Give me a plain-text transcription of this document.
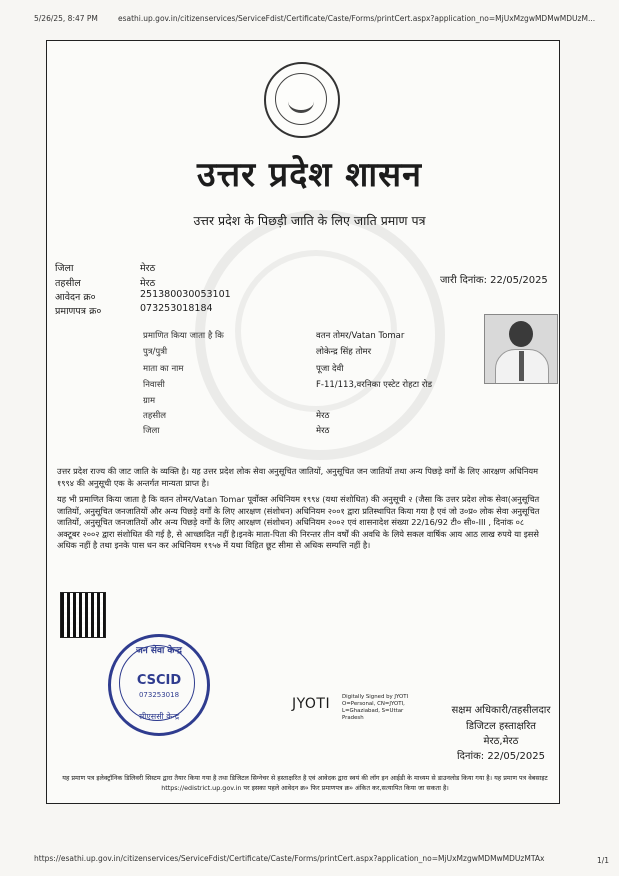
5/26/25, 8:47 PM	esathi.up.gov.in/citizenservices/ServiceFdist/Certificate/Caste/Forms/printCert.aspx?application_no=MjUxMzgwMDMwMDUzM...
उत्तर प्रदेश शासन
उत्तर प्रदेश के पिछड़ी जाति के लिए जाति प्रमाण पत्र
जिला	मेरठ
तहसील	मेरठ
आवेदन क्र०	251380030053101
प्रमाणपत्र क्र०	073253018184
जारी दिनांक: 22/05/2025
प्रमाणित किया जाता है कि	वतन तोमर/Vatan Tomar
पुत्र/पुत्री	लोकेन्द्र सिंह तोमर
माता का नाम	पूजा देवी
निवासी	F-11/113,वरनिका एस्टेट रोहटा रोड
ग्राम
तहसील	मेरठ
जिला	मेरठ
उत्तर प्रदेश राज्य की जाट जाति के व्यक्ति है। यह उत्तर प्रदेश लोक सेवा अनुसूचित जातियों, अनुसूचित जन जातियों तथा अन्य पिछड़े वर्गों के लिए आरक्षण अधिनियम १९९४ की अनुसूची एक के अन्तर्गत मान्यता प्राप्त है।
यह भी प्रमाणित किया जाता है कि वतन तोमर/Vatan Tomar पूर्वोक्त अधिनियम १९९४ (यथा संशोधित) की अनुसूची २ (जैसा कि उत्तर प्रदेश लोक सेवा(अनुसूचित जातियों, अनुसूचित जनजातियों और अन्य पिछड़े वर्गों के लिए आरक्षण (संशोधन) अधिनियम २००१ द्वारा प्रतिस्थापित किया गया है एवं जो उ०प्र० लोक सेवा अनुसूचित जातियों, अनुसूचित जनजातियों और अन्य पिछड़े वर्गों के लिए आरक्षण (संशोधन) अधिनियम २००२ एवं शासनादेश संख्या 22/16/92 टी० सी०-III , दिनांक ०८ अक्टूबर २००२ द्वारा संशोधित की गई है, से आच्छादित नहीं है।इनके माता-पिता की निरन्तर तीन वर्षों की अवधि के लिये सकल वार्षिक आय आठ लाख रुपये या इससे अधिक नहीं है तथा इनके पास धन कर अधिनियम १९५७ में यथा विहित छूट सीमा से अधिक सम्पत्ति नहीं है।
जन सेवा केन्द्र
CSCID
073253018
सीएससी केन्द्र
JYOTI Digitally Signed by JYOTI O=Personal, CN=JYOTI, L=Ghaziabad, S=Uttar Pradesh
सक्षम अधिकारी/तहसीलदार
डिजिटल हस्ताक्षरित
मेरठ,मेरठ
दिनांक: 22/05/2025
यह प्रमाण पत्र इलेक्ट्रॉनिक डिलिवरी सिस्टम द्वारा तैयार किया गया है तथा डिजिटल सिग्नेचर से हस्ताक्षरित है एवं आवेदक द्वारा स्वयं की लॉग इन आईडी के माध्यम से डाउनलोड किया गया है। यह प्रमाण पत्र वेबसाइट https://edistrict.up.gov.in पर इसका पहले आवेदन क्र० फिर प्रमाणपत्र क्र० अंकित कर,सत्यापित किया जा सकता है।
https://esathi.up.gov.in/citizenservices/ServiceFdist/Certificate/Caste/Forms/printCert.aspx?application_no=MjUxMzgwMDMwMDUzMTAx	1/1
